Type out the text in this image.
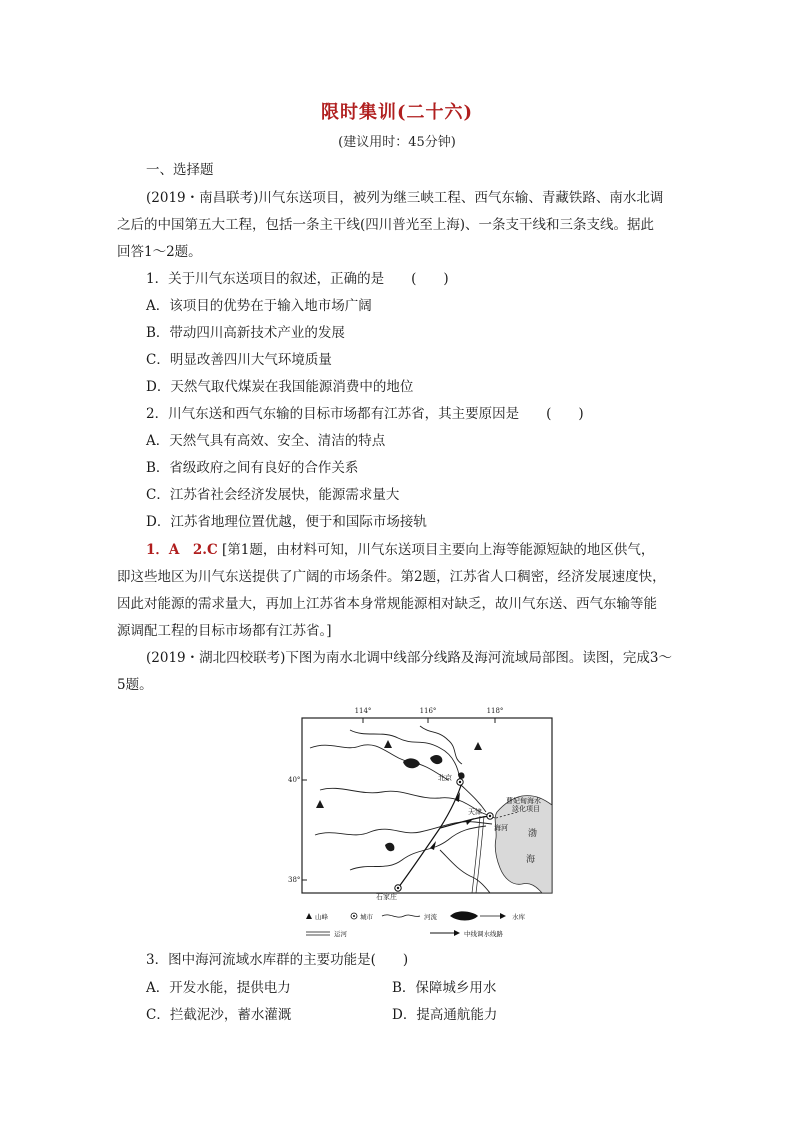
限时集训(二十六)
(建议用时：45分钟)
一、选择题
(2019・南昌联考)川气东送项目，被列为继三峡工程、西气东输、青藏铁路、南水北调
之后的中国第五大工程，包括一条主干线(四川普光至上海)、一条支干线和三条支线。据此
回答1～2题。
1．关于川气东送项目的叙述，正确的是　　(　　)
A．该项目的优势在于输入地市场广阔
B．带动四川高新技术产业的发展
C．明显改善四川大气环境质量
D．天然气取代煤炭在我国能源消费中的地位
2．川气东送和西气东输的目标市场都有江苏省，其主要原因是　　(　　)
A．天然气具有高效、安全、清洁的特点
B．省级政府之间有良好的合作关系
C．江苏省社会经济发展快，能源需求量大
D．江苏省地理位置优越，便于和国际市场接轨
1．A　2.C [第1题，由材料可知，川气东送项目主要向上海等能源短缺的地区供气，
即这些地区为川气东送提供了广阔的市场条件。第2题，江苏省人口稠密，经济发展速度快，
因此对能源的需求量大，再加上江苏省本身常规能源相对缺乏，故川气东送、西气东输等能
源调配工程的目标市场都有江苏省。]
(2019・湖北四校联考)下图为南水北调中线部分线路及海河流域局部图。读图，完成3～
5题。
114°	116°	118°
40°
38°
渤
海
北京
天津
石家庄
海河
曹妃甸海水
淡化项目
山峰	城市	河流	水库
运河	中线调水线路
3．图中海河流域水库群的主要功能是(　　)
A．开发水能，提供电力	B．保障城乡用水
C．拦截泥沙，蓄水灌溉	D．提高通航能力
